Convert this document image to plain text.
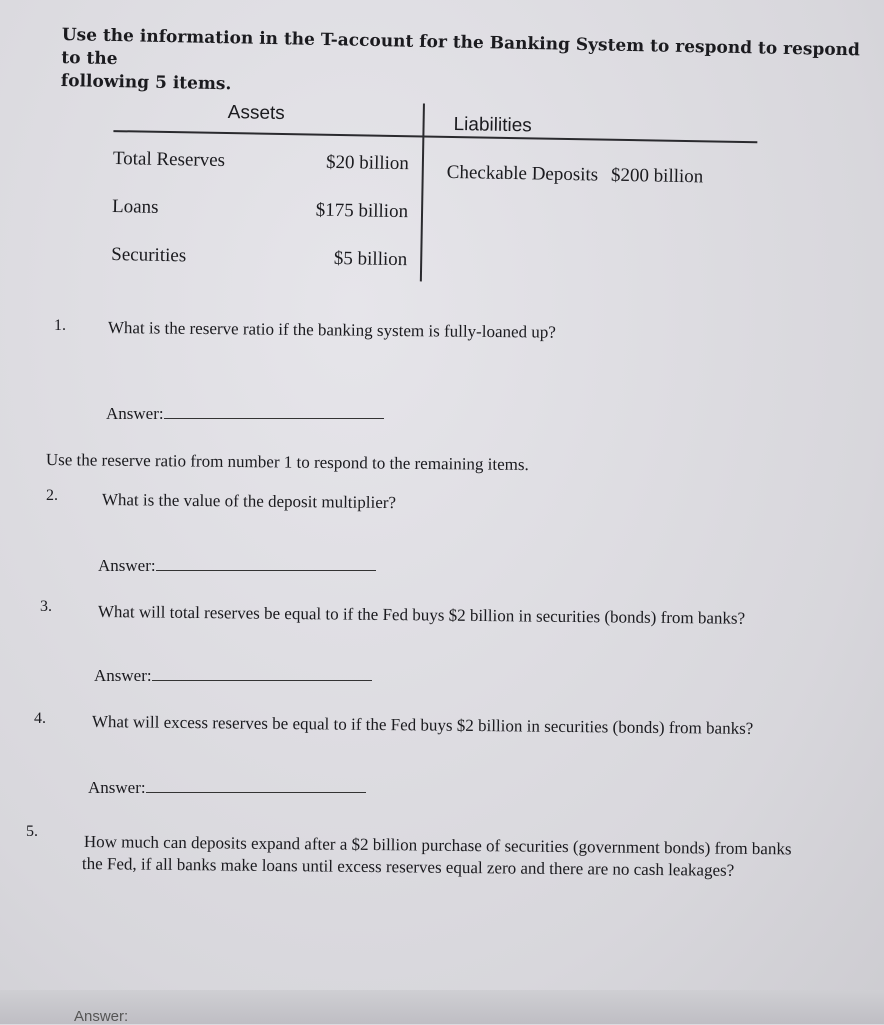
Use the information in the T-account for the Banking System to respond to respond to the
following 5 items.
Assets
Liabilities
Total Reserves	$20 billion
Loans	$175 billion
Securities	$5 billion
Checkable Deposits $200 billion
1. What is the reserve ratio if the banking system is fully-loaned up?
Answer:
Use the reserve ratio from number 1 to respond to the remaining items.
2.	What is the value of the deposit multiplier?
Answer:
3.	What will total reserves be equal to if the Fed buys $2 billion in securities (bonds) from banks?
Answer:
4.	What will excess reserves be equal to if the Fed buys $2 billion in securities (bonds) from banks?
Answer:
5.
How much can deposits expand after a $2 billion purchase of securities (government bonds) from banks
the Fed, if all banks make loans until excess reserves equal zero and there are no cash leakages?
Answer:
